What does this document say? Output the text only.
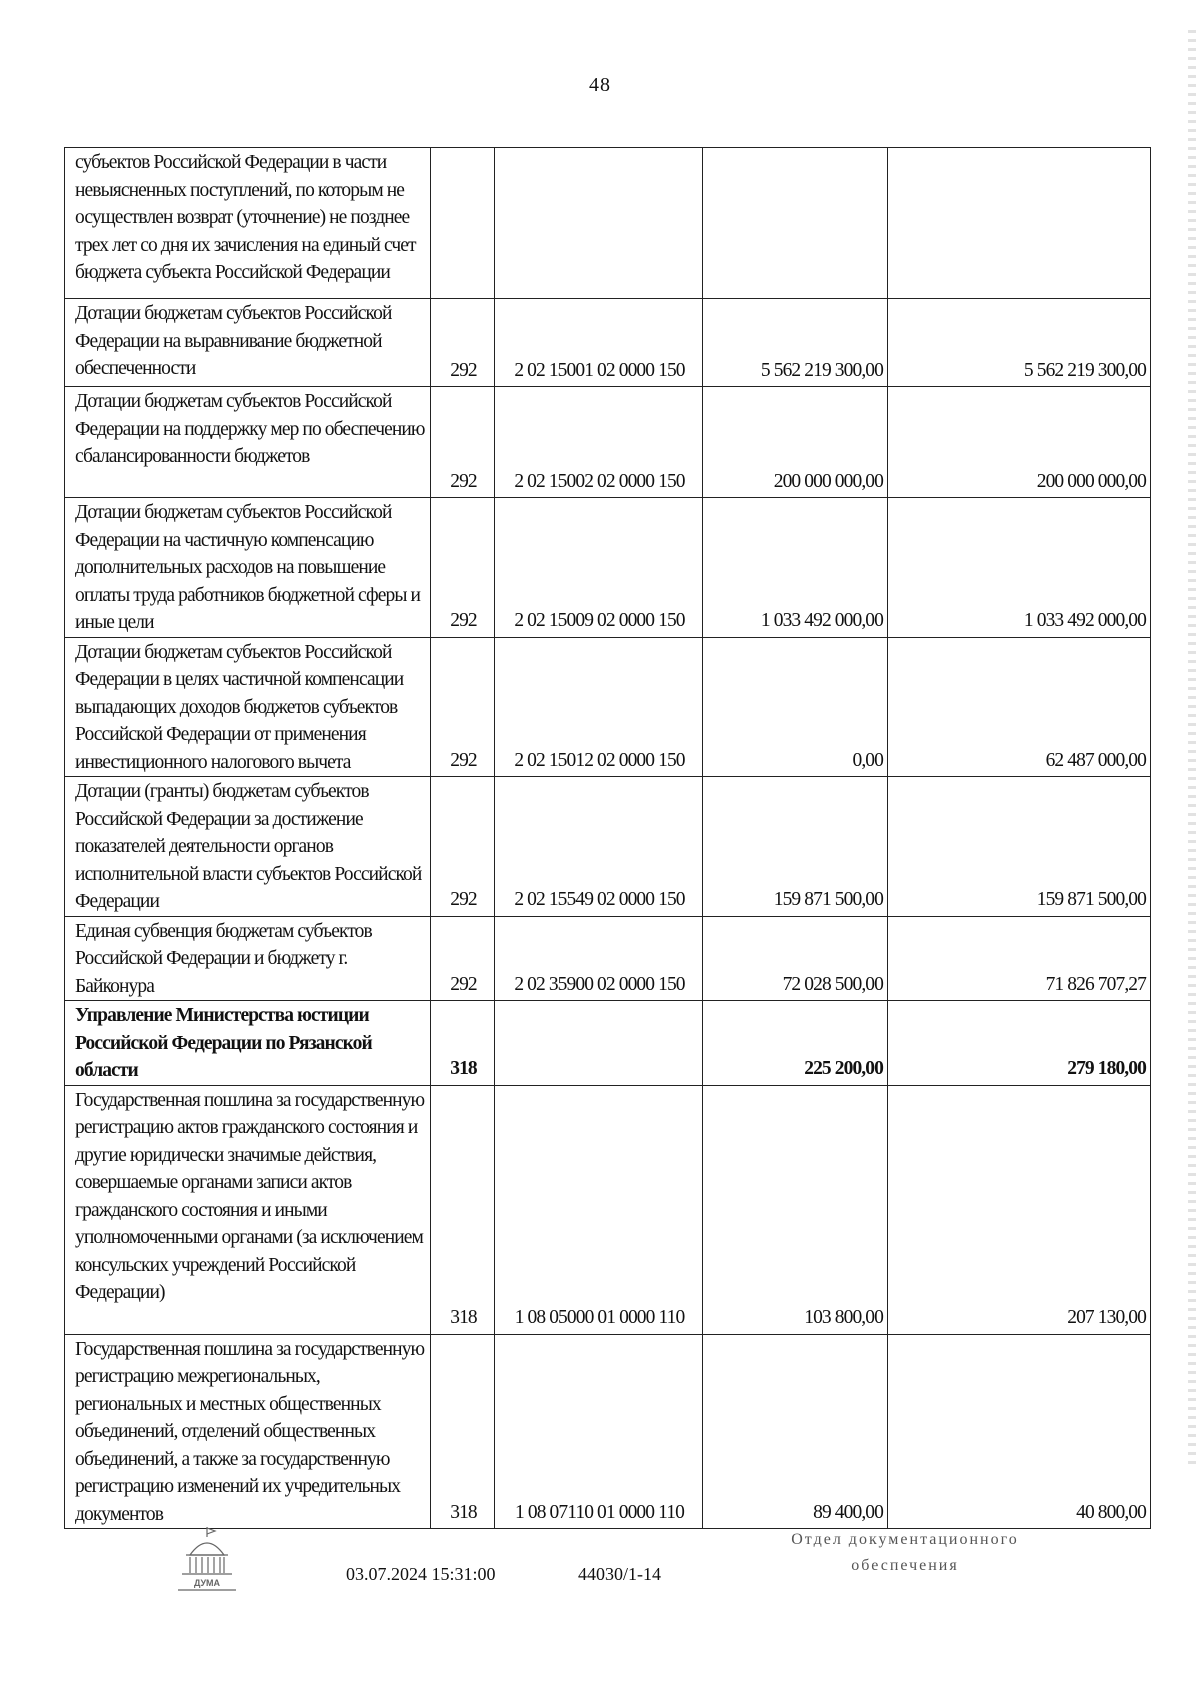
48
субъектов Российской Федерации в части невыясненных поступлений, по которым не осуществлен возврат (уточнение) не позднее трех лет со дня их зачисления на единый счет бюджета субъекта Российской Федерации				
Дотации бюджетам субъектов Российской Федерации на выравнивание бюджетной обеспеченности	292	2 02 15001 02 0000 150	5 562 219 300,00	5 562 219 300,00
Дотации бюджетам субъектов Российской Федерации на поддержку мер по обеспечению сбалансированности бюджетов	292	2 02 15002 02 0000 150	200 000 000,00	200 000 000,00
Дотации бюджетам субъектов Российской Федерации на частичную компенсацию дополнительных расходов на повышение оплаты труда работников бюджетной сферы и иные цели	292	2 02 15009 02 0000 150	1 033 492 000,00	1 033 492 000,00
Дотации бюджетам субъектов Российской Федерации в целях частичной компенсации выпадающих доходов бюджетов субъектов Российской Федерации от применения инвестиционного налогового вычета	292	2 02 15012 02 0000 150	0,00	62 487 000,00
Дотации (гранты) бюджетам субъектов Российской Федерации за достижение показателей деятельности органов исполнительной власти субъектов Российской Федерации	292	2 02 15549 02 0000 150	159 871 500,00	159 871 500,00
Единая субвенция бюджетам субъектов Российской Федерации и бюджету г. Байконура	292	2 02 35900 02 0000 150	72 028 500,00	71 826 707,27
Управление Министерства юстиции Российской Федерации по Рязанской области	318		225 200,00	279 180,00
Государственная пошлина за государственную регистрацию актов гражданского состояния и другие юридически значимые действия, совершаемые органами записи актов гражданского состояния и иными уполномоченными органами (за исключением консульских учреждений Российской Федерации)	318	1 08 05000 01 0000 110	103 800,00	207 130,00
Государственная пошлина за государственную регистрацию межрегиональных, региональных и местных общественных объединений, отделений общественных объединений, а также за государственную регистрацию изменений их учредительных документов	318	1 08 07110 01 0000 110	89 400,00	40 800,00
ДУМА	03.07.2024 15:31:00	44030/1-14
Отдел документационного
обеспечения
